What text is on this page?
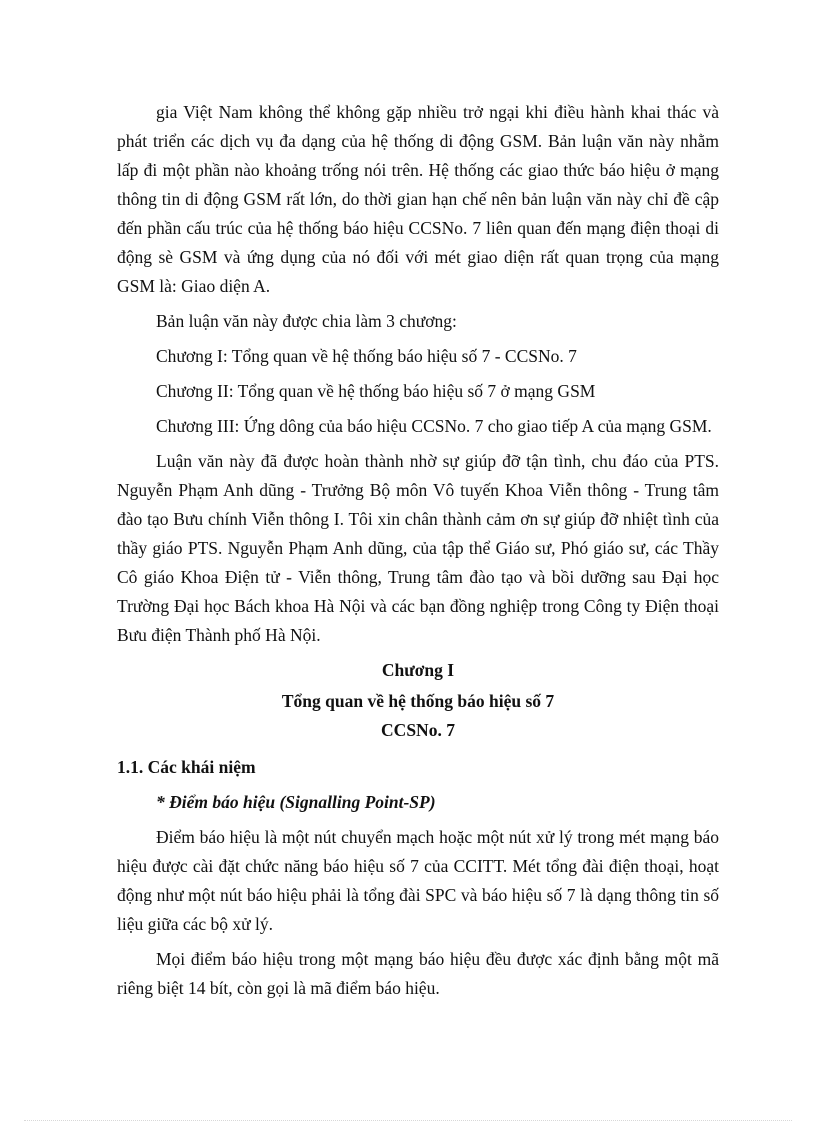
gia Việt Nam không thể không gặp nhiều trở ngại khi điều hành khai thác và phát triển các dịch vụ đa dạng của hệ thống di động GSM. Bản luận văn này nhằm lấp đi một phần nào khoảng trống nói trên. Hệ thống các giao thức báo hiệu ở mạng thông tin di động GSM rất lớn, do thời gian hạn chế nên bản luận văn này chỉ đề cập đến phần cấu trúc của hệ thống báo hiệu CCSNo. 7 liên quan đến mạng điện thoại di động sè GSM và ứng dụng của nó đối với mét giao diện rất quan trọng của mạng GSM là: Giao diện A.

Bản luận văn này được chia làm 3 chương:

Chương I: Tổng quan về hệ thống báo hiệu số 7 - CCSNo. 7

Chương II: Tổng quan về hệ thống báo hiệu số 7 ở mạng GSM

Chương III: Ứng dông của báo hiệu CCSNo. 7 cho giao tiếp A của mạng GSM.

Luận văn này đã được hoàn thành nhờ sự giúp đỡ tận tình, chu đáo của PTS. Nguyễn Phạm Anh dũng - Trưởng Bộ môn Vô tuyến Khoa Viễn thông - Trung tâm đào tạo Bưu chính Viễn thông I. Tôi xin chân thành cảm ơn sự giúp đỡ nhiệt tình của thầy giáo PTS. Nguyễn Phạm Anh dũng, của tập thể Giáo sư, Phó giáo sư, các Thầy Cô giáo Khoa Điện tử - Viễn thông, Trung tâm đào tạo và bồi dưỡng sau Đại học Trường Đại học Bách khoa Hà Nội và các bạn đồng nghiệp trong Công ty Điện thoại Bưu điện Thành phố Hà Nội.

Chương I

Tổng quan về hệ thống báo hiệu số 7

CCSNo. 7

1.1. Các khái niệm

* Điểm báo hiệu (Signalling Point-SP)

Điểm báo hiệu là một nút chuyển mạch hoặc một nút xử lý trong mét mạng báo hiệu được cài đặt chức năng báo hiệu số 7 của CCITT. Mét tổng đài điện thoại, hoạt động như một nút báo hiệu phải là tổng đài SPC và báo hiệu số 7 là dạng thông tin số liệu giữa các bộ xử lý.

Mọi điểm báo hiệu trong một mạng báo hiệu đều được xác định bằng một mã riêng biệt 14 bít, còn gọi là mã điểm báo hiệu.
